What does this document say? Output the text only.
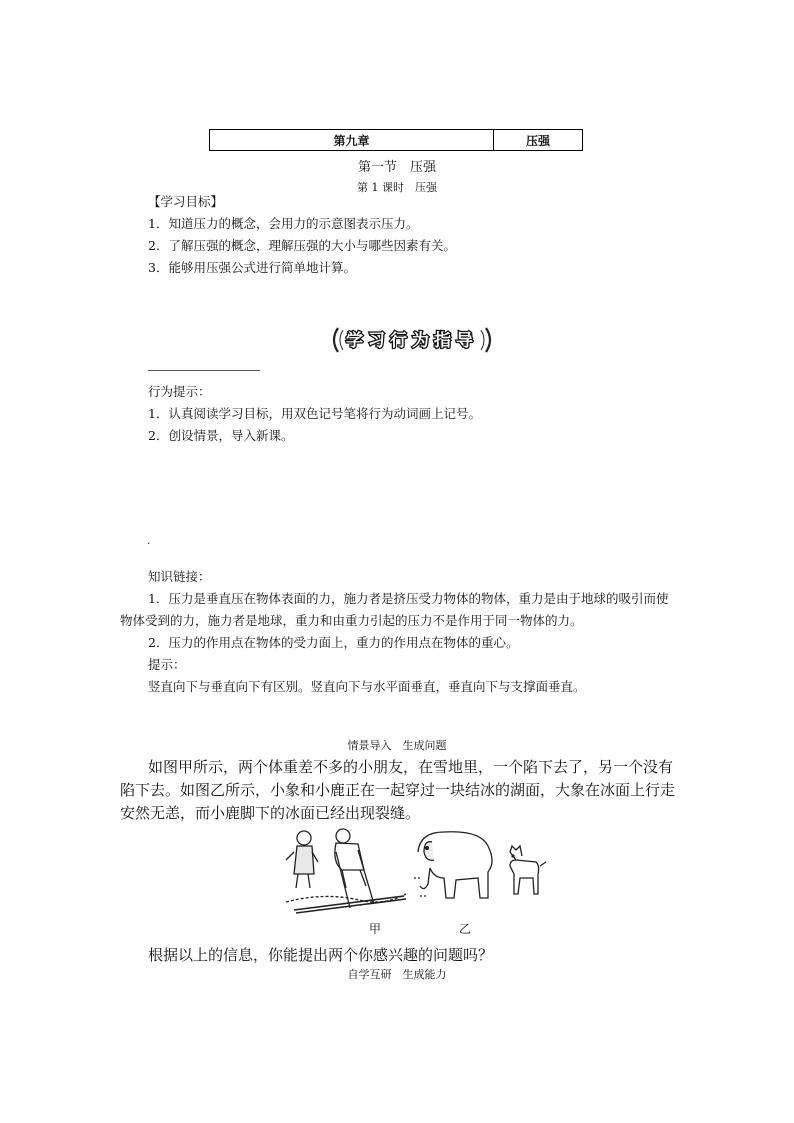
第九章	压强
第一节　压强
第 1 课时　压强
【学习目标】
1．知道压力的概念，会用力的示意图表示压力。
2．了解压强的概念，理解压强的大小与哪些因素有关。
3．能够用压强公式进行简单地计算。
学习行为指导
行为提示：
1．认真阅读学习目标，用双色记号笔将行为动词画上记号。
2．创设情景，导入新课。
·
知识链接：
1．压力是垂直压在物体表面的力，施力者是挤压受力物体的物体，重力是由于地球的吸引而使物体受到的力，施力者是地球，重力和由重力引起的压力不是作用于同一物体的力。
2．压力的作用点在物体的受力面上，重力的作用点在物体的重心。
提示：
竖直向下与垂直向下有区别。竖直向下与水平面垂直，垂直向下与支撑面垂直。
情景导入　生成问题

如图甲所示，两个体重差不多的小朋友，在雪地里，一个陷下去了，另一个没有陷下去。如图乙所示，小象和小鹿正在一起穿过一块结冰的湖面，大象在冰面上行走安然无恙，而小鹿脚下的冰面已经出现裂缝。

甲	乙
根据以上的信息，你能提出两个你感兴趣的问题吗？
自学互研　生成能力
